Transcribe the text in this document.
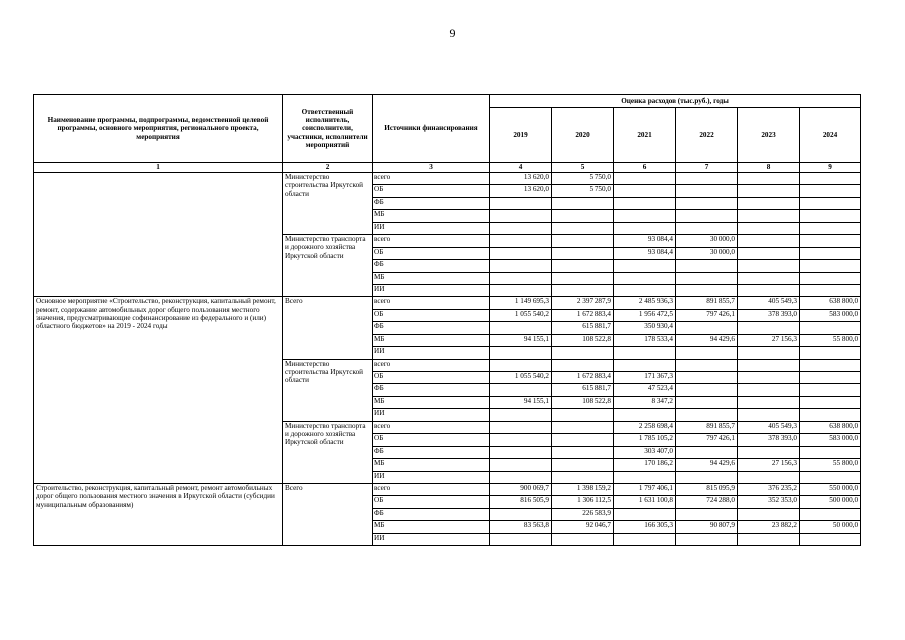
9
Наименование программы, подпрограммы, ведомственной целевой программы, основного мероприятия, регионального проекта, мероприятия	Ответственный исполнитель, соисполнители, участники, исполнители мероприятий	Источники финансирования	Оценка расходов (тыс.руб.), годы					
			2019	2020	2021	2022	2023	2024
1	2	3	4	5	6	7	8	9
	Министерство строительства Иркутской области	всего	13 620,0	5 750,0				
		ОБ	13 620,0	5 750,0				
		ФБ						
		МБ						
		ИИ						
	Министерство транспорта и дорожного хозяйства Иркутской области	всего			93 084,4	30 000,0		
		ОБ			93 084,4	30 000,0		
		ФБ						
		МБ						
		ИИ						
Основное мероприятие «Строительство, реконструкция, капитальный ремонт, ремонт, содержание автомобильных дорог общего пользования местного значения, предусматривающие софинансирование из федерального и (или) областного бюджетов» на 2019 - 2024 годы	Всего	всего	1 149 695,3	2 397 287,9	2 485 936,3	891 855,7	405 549,3	638 800,0
		ОБ	1 055 540,2	1 672 883,4	1 956 472,5	797 426,1	378 393,0	583 000,0
		ФБ		615 881,7	350 930,4			
		МБ	94 155,1	108 522,8	178 533,4	94 429,6	27 156,3	55 800,0
		ИИ						
	Министерство строительства Иркутской области	всего						
		ОБ	1 055 540,2	1 672 883,4	171 367,3			
		ФБ		615 881,7	47 523,4			
		МБ	94 155,1	108 522,8	8 347,2			
		ИИ						
	Министерство транспорта и дорожного хозяйства Иркутской области	всего			2 258 698,4	891 855,7	405 549,3	638 800,0
		ОБ			1 785 105,2	797 426,1	378 393,0	583 000,0
		ФБ			303 407,0			
		МБ			170 186,2	94 429,6	27 156,3	55 800,0
		ИИ						
Строительство, реконструкция, капитальный ремонт, ремонт автомобильных дорог общего пользования местного значения в Иркутской области (субсидии муниципальным образованиям)	Всего	всего	900 069,7	1 398 159,2	1 797 406,1	815 095,9	376 235,2	550 000,0
		ОБ	816 505,9	1 306 112,5	1 631 100,8	724 288,0	352 353,0	500 000,0
		ФБ		226 583,9				
		МБ	83 563,8	92 046,7	166 305,3	90 807,9	23 882,2	50 000,0
		ИИ						
